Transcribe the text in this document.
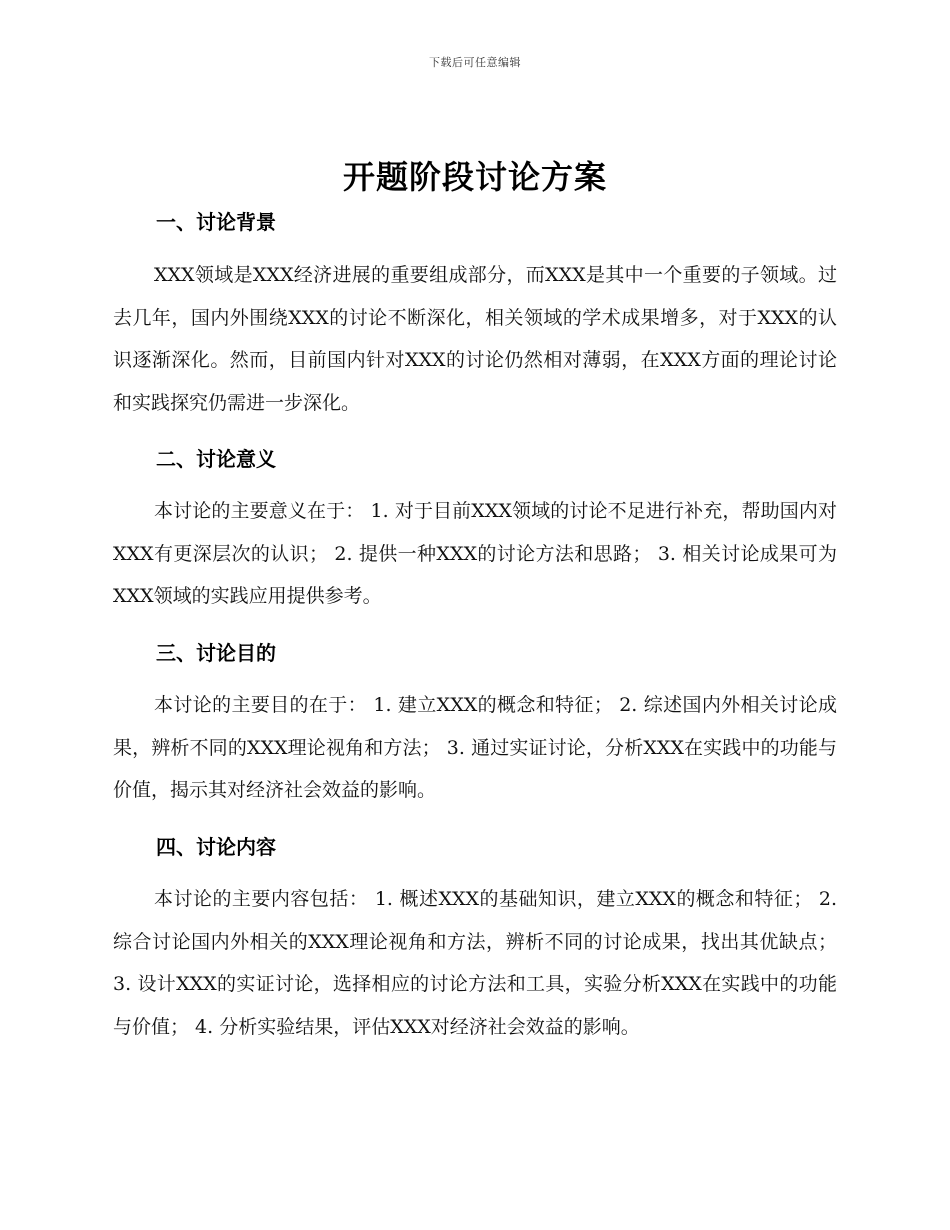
下载后可任意编辑
开题阶段讨论方案
一、讨论背景
XXX领域是XXX经济进展的重要组成部分，而XXX是其中一个重要的子领域。过去几年，国内外围绕XXX的讨论不断深化，相关领域的学术成果增多，对于XXX的认识逐渐深化。然而，目前国内针对XXX的讨论仍然相对薄弱，在XXX方面的理论讨论和实践探究仍需进一步深化。
二、讨论意义
本讨论的主要意义在于： 1. 对于目前XXX领域的讨论不足进行补充，帮助国内对XXX有更深层次的认识； 2. 提供一种XXX的讨论方法和思路； 3. 相关讨论成果可为XXX领域的实践应用提供参考。
三、讨论目的
本讨论的主要目的在于： 1. 建立XXX的概念和特征； 2. 综述国内外相关讨论成果，辨析不同的XXX理论视角和方法； 3. 通过实证讨论，分析XXX在实践中的功能与价值，揭示其对经济社会效益的影响。
四、讨论内容
本讨论的主要内容包括： 1. 概述XXX的基础知识，建立XXX的概念和特征； 2. 综合讨论国内外相关的XXX理论视角和方法，辨析不同的讨论成果，找出其优缺点； 3. 设计XXX的实证讨论，选择相应的讨论方法和工具，实验分析XXX在实践中的功能与价值； 4. 分析实验结果，评估XXX对经济社会效益的影响。
